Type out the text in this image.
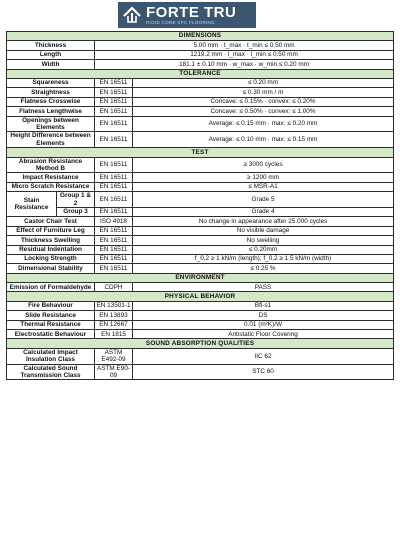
FORTE TRU
RIGID CORE SPC FLOORING
DIMENSIONS			
Thickness		5.00 mm · t_max · t_min ≤ 0.50 mm	
Length		1219.2 mm · l_max · l_min ≤ 0.50 mm	
Width		181.1 ± 0.10 mm · w_max · w_min ≤ 0.20 mm	
TOLERANCE			
Squareness		EN 16511	≤ 0.20 mm
Straightness		EN 16511	≤ 0.30 mm / m
Flatness Crosswise		EN 16511	Concave: ≤ 0.15% · convex: ≤ 0.20%
Flatness Lengthwise		EN 16511	Concave: ≤ 0.50% · convex: ≤ 1.00%
Openings between Elements		EN 16511	Average: ≤ 0.15 mm · max: ≤ 0.20 mm
Height Difference between Elements		EN 16511	Average: ≤ 0.10 mm · max: ≤ 0.15 mm
TEST			
Abrasion Resistance Method B		EN 16511	≥ 3000 cycles
Impact Resistance		EN 16511	≥ 1200 mm
Micro Scratch Resistance		EN 16511	≤ MSR-A1
Stain Resistance	Group 1 & 2	EN 16511	Grade 5
	Group 3	EN 16511	Grade 4
Castor Chair Test		ISO 4918	No change in appearance after 25.000 cycles
Effect of Furniture Leg		EN 16511	No visible damage
Thickness Swelling		EN 16511	No swelling
Residual Indentation		EN 16511	≤ 0.20mm
Locking Strength		EN 16511	f_0,2 ≥ 1 kN/m (length); f_0,2 ≥ 1.5 kN/m (width)
Dimensional Stability		EN 16511	≤ 0.25 %
ENVIRONMENT			
Emission of Formaldehyde		CDPH	PASS
PHYSICAL BEHAVIOR			
Fire Behaviour		EN 13501-1	Bfl-s1
Slide Resistance		EN 13893	DS
Thermal Resistance		EN 12667	0.01 (m²K)/W
Electrostatic Behaviour		EN 1815	Antistatic Floor Covering
SOUND ABSORPTION QUALITIES			
Calculated Impact Insulation Class		ASTM E492-09	IIC 62
Calculated Sound Transmission Class		ASTM E90-09	STC 60
